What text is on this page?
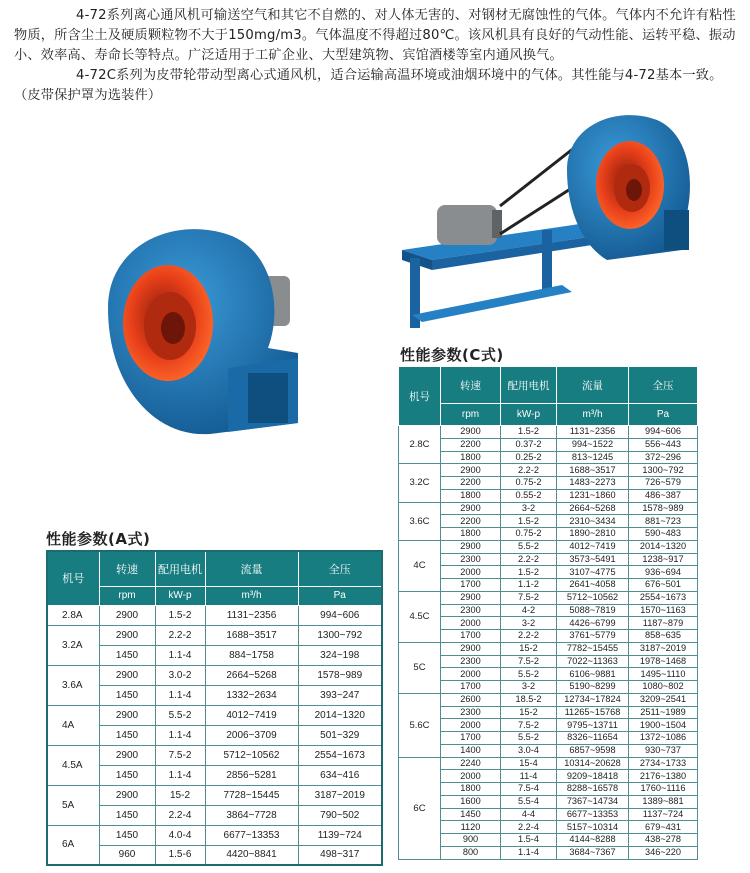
4-72系列离心通风机可输送空气和其它不自燃的、对人体无害的、对钢材无腐蚀性的气体。气体内不允许有粘性物质，所含尘土及硬质颗粒物不大于150mg/m3。气体温度不得超过80℃。该风机具有良好的气动性能、运转平稳、振动小、效率高、寿命长等特点。广泛适用于工矿企业、大型建筑物、宾馆酒楼等室内通风换气。

4-72C系列为皮带轮带动型离心式通风机，适合运输高温环境或油烟环境中的气体。其性能与4-72基本一致。（皮带保护罩为选装件）

性能参数(A式)
机号	转速	配用电机	流量	全压
	rpm	kW-p	m³/h	Pa
2.8A	2900	1.5-2	1131~2356	994~606
3.2A	2900	2.2-2	1688~3517	1300~792
	1450	1.1-4	884~1758	324~198
3.6A	2900	3.0-2	2664~5268	1578~989
	1450	1.1-4	1332~2634	393~247
4A	2900	5.5-2	4012~7419	2014~1320
	1450	1.1-4	2006~3709	501~329
4.5A	2900	7.5-2	5712~10562	2554~1673
	1450	1.1-4	2856~5281	634~416
5A	2900	15-2	7728~15445	3187~2019
	1450	2.2-4	3864~7728	790~502
6A	1450	4.0-4	6677~13353	1139~724
	960	1.5-6	4420~8841	498~317
性能参数(C式)
机号	转速	配用电机	流量	全压
	rpm	kW-p	m³/h	Pa
2.8C	2900	1.5-2	1131~2356	994~606
	2200	0.37-2	994~1522	556~443
	1800	0.25-2	813~1245	372~296
3.2C	2900	2.2-2	1688~3517	1300~792
	2200	0.75-2	1483~2273	726~579
	1800	0.55-2	1231~1860	486~387
3.6C	2900	3-2	2664~5268	1578~989
	2200	1.5-2	2310~3434	881~723
	1800	0.75-2	1890~2810	590~483
4C	2900	5.5-2	4012~7419	2014~1320
	2300	2.2-2	3573~5491	1238~917
	2000	1.5-2	3107~4775	936~694
	1700	1.1-2	2641~4058	676~501
4.5C	2900	7.5-2	5712~10562	2554~1673
	2300	4-2	5088~7819	1570~1163
	2000	3-2	4426~6799	1187~879
	1700	2.2-2	3761~5779	858~635
5C	2900	15-2	7782~15455	3187~2019
	2300	7.5-2	7022~11363	1978~1468
	2000	5.5-2	6106~9881	1495~1110
	1700	3-2	5190~8299	1080~802
5.6C	2600	18.5-2	12734~17824	3209~2541
	2300	15-2	11265~15768	2511~1989
	2000	7.5-2	9795~13711	1900~1504
	1700	5.5-2	8326~11654	1372~1086
	1400	3.0-4	6857~9598	930~737
6C	2240	15-4	10314~20628	2734~1733
	2000	11-4	9209~18418	2176~1380
	1800	7.5-4	8288~16578	1760~1116
	1600	5.5-4	7367~14734	1389~881
	1450	4-4	6677~13353	1137~724
	1120	2.2-4	5157~10314	679~431
	900	1.5-4	4144~8288	438~278
	800	1.1-4	3684~7367	346~220
